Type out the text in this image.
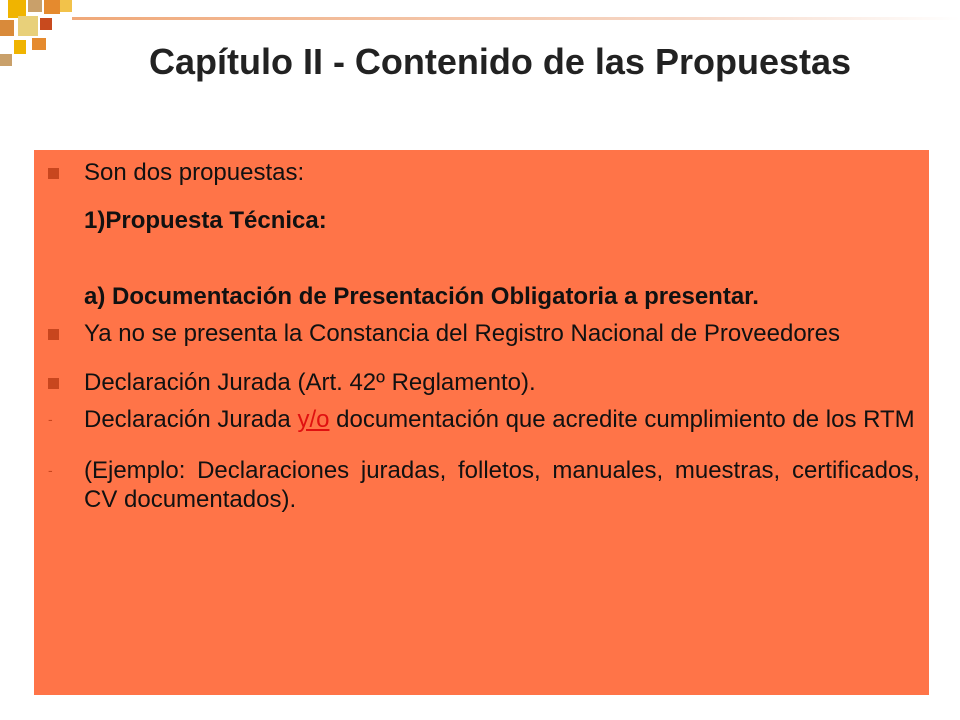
Capítulo II - Contenido de las Propuestas
Son dos propuestas:
1)Propuesta Técnica:
a) Documentación de Presentación Obligatoria a presentar.
Ya no se presenta la Constancia del Registro Nacional de Proveedores
Declaración Jurada (Art. 42º Reglamento).
- Declaración Jurada y/o documentación que acredite cumplimiento de los RTM
- (Ejemplo: Declaraciones juradas, folletos, manuales, muestras, certificados, CV documentados).
